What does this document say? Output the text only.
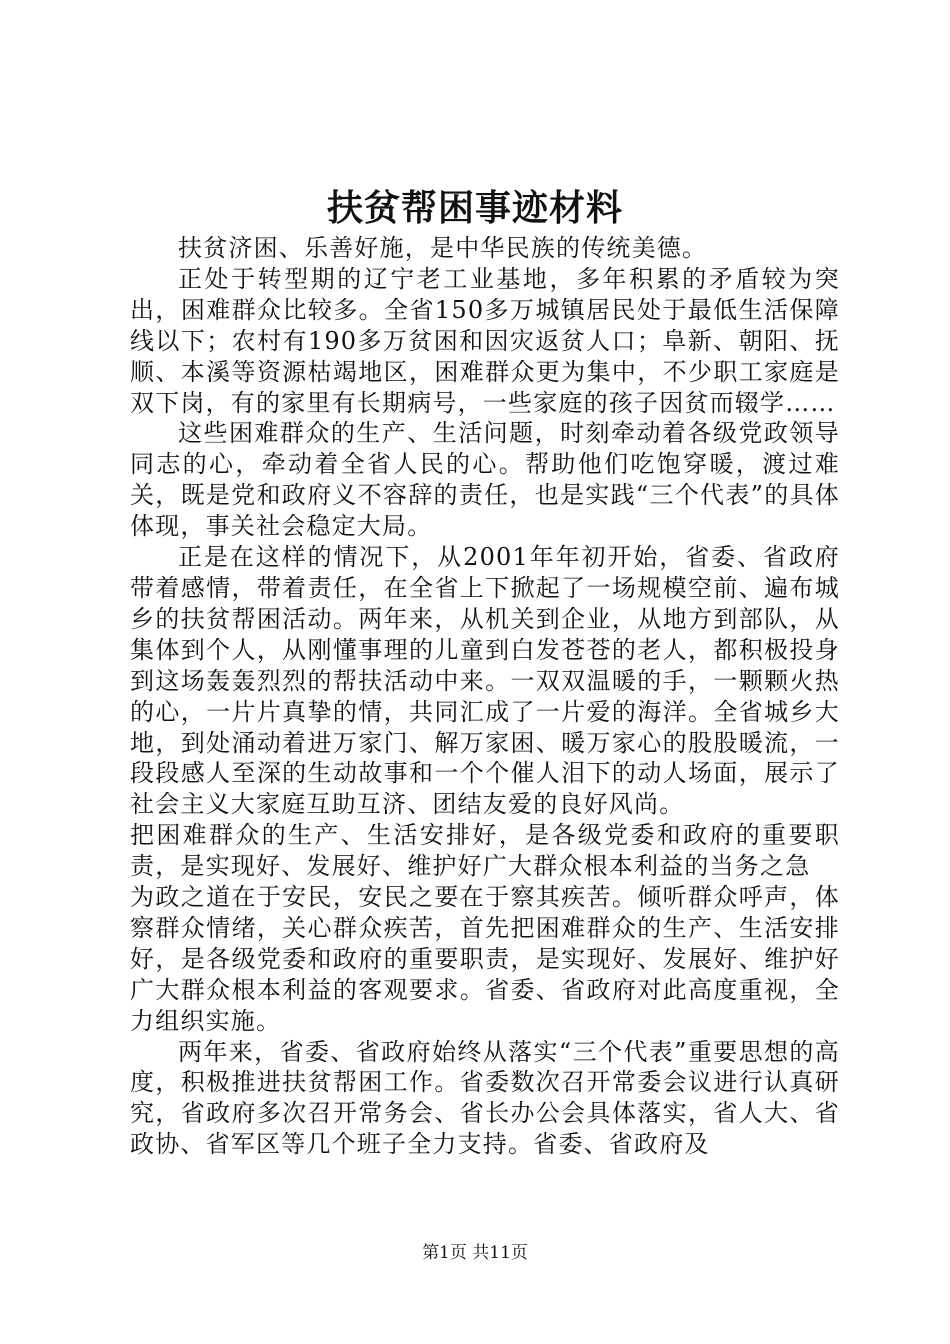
扶贫帮困事迹材料

扶贫济困、乐善好施，是中华民族的传统美德。

正处于转型期的辽宁老工业基地，多年积累的矛盾较为突出，困难群众比较多。全省150多万城镇居民处于最低生活保障线以下；农村有190多万贫困和因灾返贫人口；阜新、朝阳、抚顺、本溪等资源枯竭地区，困难群众更为集中，不少职工家庭是双下岗，有的家里有长期病号，一些家庭的孩子因贫而辍学……

这些困难群众的生产、生活问题，时刻牵动着各级党政领导同志的心，牵动着全省人民的心。帮助他们吃饱穿暖，渡过难关，既是党和政府义不容辞的责任，也是实践“三个代表”的具体体现，事关社会稳定大局。

正是在这样的情况下，从2001年年初开始，省委、省政府带着感情，带着责任，在全省上下掀起了一场规模空前、遍布城乡的扶贫帮困活动。两年来，从机关到企业，从地方到部队，从集体到个人，从刚懂事理的儿童到白发苍苍的老人，都积极投身到这场轰轰烈烈的帮扶活动中来。一双双温暖的手，一颗颗火热的心，一片片真挚的情，共同汇成了一片爱的海洋。全省城乡大地，到处涌动着进万家门、解万家困、暖万家心的股股暖流，一段段感人至深的生动故事和一个个催人泪下的动人场面，展示了社会主义大家庭互助互济、团结友爱的良好风尚。

把困难群众的生产、生活安排好，是各级党委和政府的重要职责，是实现好、发展好、维护好广大群众根本利益的当务之急

为政之道在于安民，安民之要在于察其疾苦。倾听群众呼声，体察群众情绪，关心群众疾苦，首先把困难群众的生产、生活安排好，是各级党委和政府的重要职责，是实现好、发展好、维护好广大群众根本利益的客观要求。省委、省政府对此高度重视，全力组织实施。

两年来，省委、省政府始终从落实“三个代表”重要思想的高度，积极推进扶贫帮困工作。省委数次召开常委会议进行认真研究，省政府多次召开常务会、省长办公会具体落实，省人大、省政协、省军区等几个班子全力支持。省委、省政府及

第1页 共11页
